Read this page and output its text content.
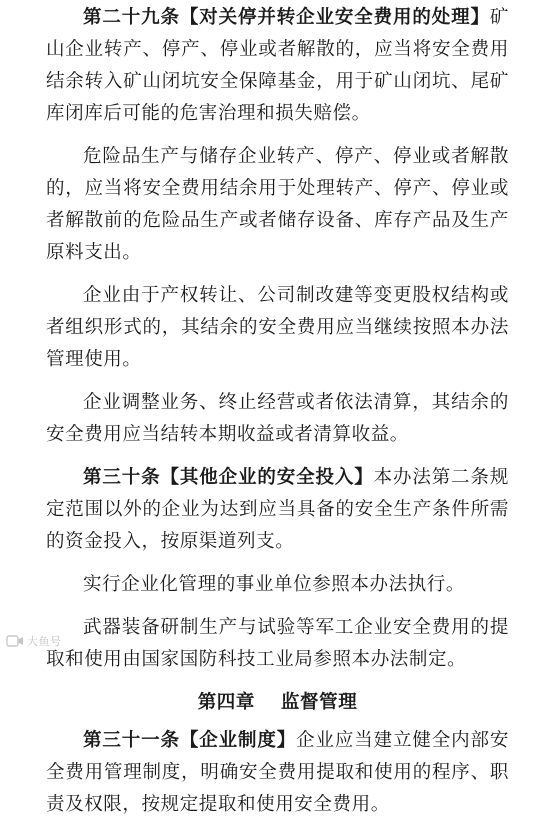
第二十九条【对关停并转企业安全费用的处理】矿山企业转产、停产、停业或者解散的，应当将安全费用结余转入矿山闭坑安全保障基金，用于矿山闭坑、尾矿库闭库后可能的危害治理和损失赔偿。

危险品生产与储存企业转产、停产、停业或者解散的，应当将安全费用结余用于处理转产、停产、停业或者解散前的危险品生产或者储存设备、库存产品及生产原料支出。

企业由于产权转让、公司制改建等变更股权结构或者组织形式的，其结余的安全费用应当继续按照本办法管理使用。

企业调整业务、终止经营或者依法清算，其结余的安全费用应当结转本期收益或者清算收益。

第三十条【其他企业的安全投入】本办法第二条规定范围以外的企业为达到应当具备的安全生产条件所需的资金投入，按原渠道列支。

实行企业化管理的事业单位参照本办法执行。

武器装备研制生产与试验等军工企业安全费用的提取和使用由国家国防科技工业局参照本办法制定。

第四章 监督管理

第三十一条【企业制度】企业应当建立健全内部安全费用管理制度，明确安全费用提取和使用的程序、职责及权限，按规定提取和使用安全费用。

大鱼号
